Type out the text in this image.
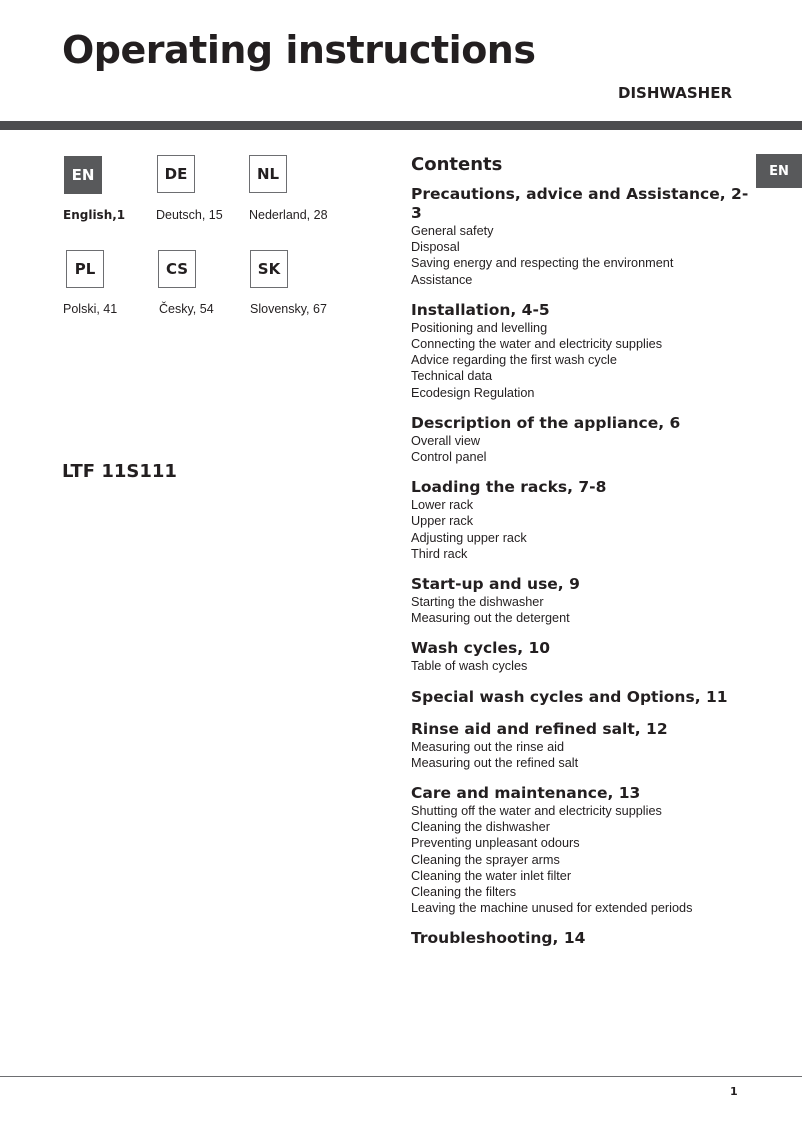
Operating instructions
DISHWASHER
EN
EN
English,1
DE
Deutsch, 15
NL
Nederland, 28
PL
Polski, 41
CS
Česky, 54
SK
Slovensky, 67
LTF 11S111
Contents
Precautions, advice and Assistance, 2-3
General safety
Disposal
Saving energy and respecting the environment
Assistance
Installation, 4-5
Positioning and levelling
Connecting the water and electricity supplies
Advice regarding the first wash cycle
Technical data
Ecodesign Regulation
Description of the appliance, 6
Overall view
Control panel
Loading the racks, 7-8
Lower rack
Upper rack
Adjusting upper rack
Third rack
Start-up and use, 9
Starting the dishwasher
Measuring out the detergent
Wash cycles, 10
Table of wash cycles
Special wash cycles and Options, 11
Rinse aid and refined salt, 12
Measuring out the rinse aid
Measuring out the refined salt
Care and maintenance, 13
Shutting off the water and electricity supplies
Cleaning the dishwasher
Preventing unpleasant odours
Cleaning the sprayer arms
Cleaning the water inlet filter
Cleaning the filters
Leaving the machine unused for extended periods
Troubleshooting, 14
1
